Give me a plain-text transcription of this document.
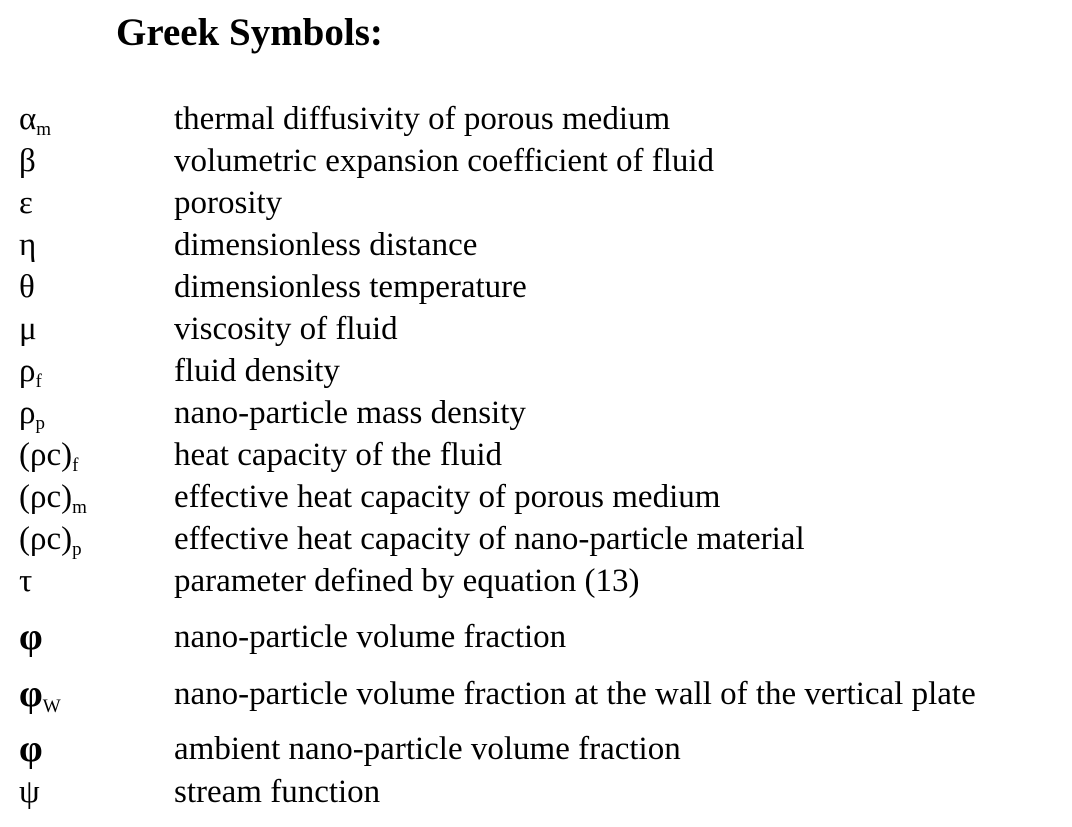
Greek Symbols:
$\alpha_m$	thermal diffusivity of porous medium
β	volumetric expansion coefficient of fluid
ε	porosity
η	dimensionless distance
θ	dimensionless temperature
μ	viscosity of fluid
$\rho_f$	fluid density
$\rho_p$	nano-particle mass density
$(\rho c)_f$	heat capacity of the fluid
$(\rho c)_m$	effective heat capacity of porous medium
$(\rho c)_p$	effective heat capacity of nano-particle material
τ	parameter defined by equation (13)
φ	nano-particle volume fraction
$\varphi_W$	nano-particle volume fraction at the wall of the vertical plate
φ	ambient nano-particle volume fraction
ψ	stream function
